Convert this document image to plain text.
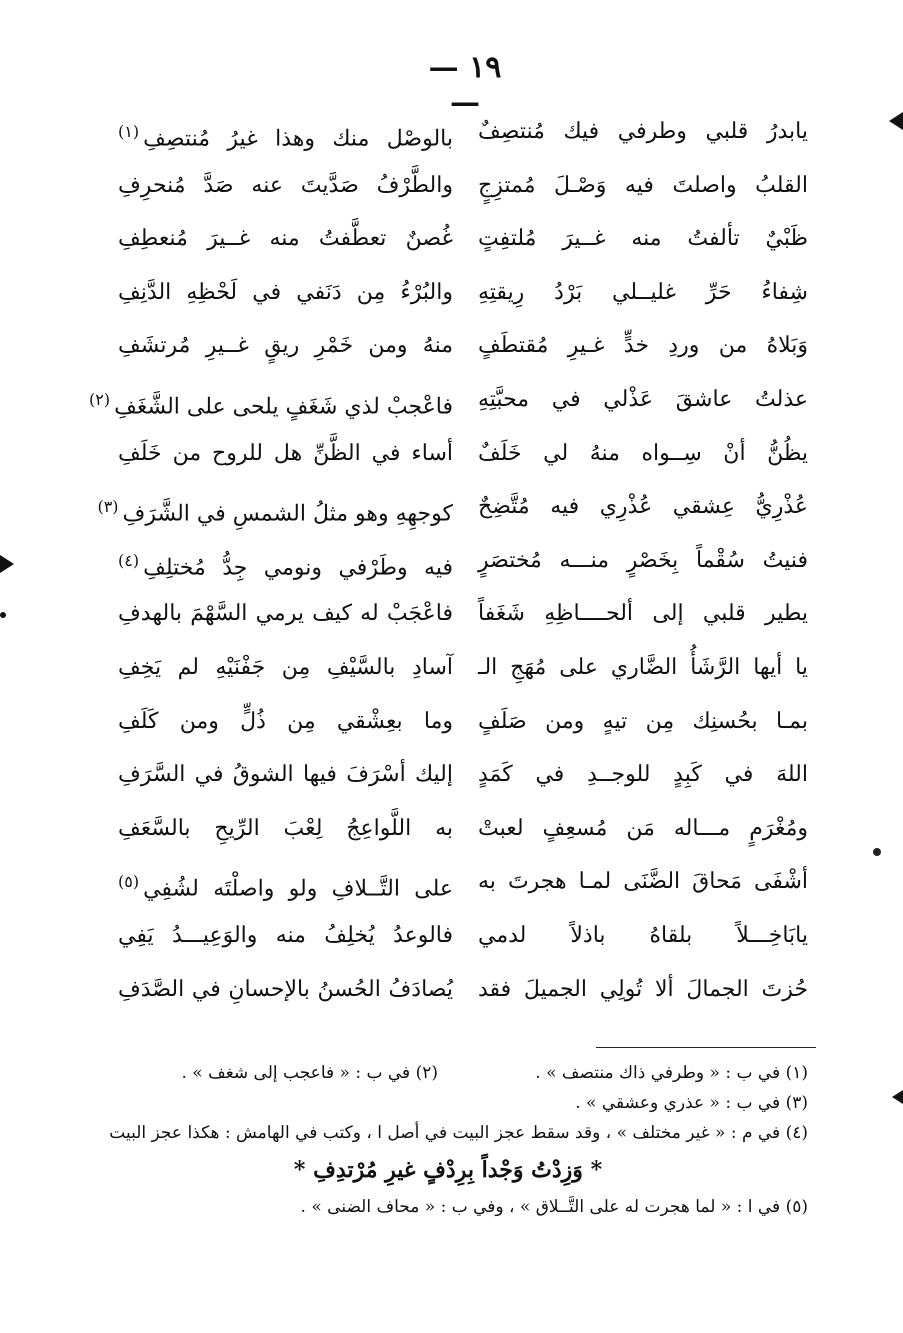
— ١٩ —
يابدرُ قلبي وطرفي فيك مُنتصِفٌ
بالوصْل منك وهذا غيرُ مُنتصِفِ$^{(١)}$
القلبُ واصلتَ فيه وَصْـلَ مُمتزِجٍ
والطَّرْفُ صَدَّيتَ عنه صَدَّ مُنحرِفِ
ظَبْيٌ تألفتُ منه غــيرَ مُلتفِتٍ
غُصنٌ تعطَّفتُ منه غــيرَ مُنعطِفِ
شِفاءُ حَرِّ غليــلي بَرْدُ رِيقتِهِ
والبُرْءُ مِن دَنَفي في لَحْظِهِ الدَّنِفِ
وَبَلاهُ من وردِ خدٍّ غـيرِ مُقتطَفٍ
منهُ ومن خَمْرِ ريقٍ غــيرِ مُرتشَفِ
عذلتُ عاشقَ عَذْلي في محبَّتِهِ
فاعْجبْ لذي شَغَفٍ يلحى على الشَّغَفِ$^{(٢)}$
يظُنُّ أنْ سِــواه منهُ لي خَلَفٌ
أساء في الظَّنِّ هل للروح من خَلَفِ
عُذْرِيُّ عِشقي عُذْرِي فيه مُتَّضِحٌ
كوجهِهِ وهو مثلُ الشمسِ في الشَّرَفِ$^{(٣)}$
فنيتُ سُقْماً بِخَصْرٍ منـــه مُختصَرٍ
فيه وطَرْفي ونومي جِدُّ مُختلِفِ$^{(٤)}$
يطير قلبي إلى ألحــــاظِهِ شَغَفاً
فاعْجَبْ له كيف يرمي السَّهْمَ بالهدفِ
يا أيها الرَّشَأُ الضَّاري على مُهَجِ الـ
آسادِ بالسَّيْفِ مِن جَفْنَيْهِ لم يَخِفِ
بمـا بحُسنِك مِن تيهٍ ومن صَلَفٍ
وما بعِشْقي مِن ذُلٍّ ومن كَلَفِ
اللهَ في كَبِدٍ للوجــدِ في كَمَدٍ
إليك أسْرَفَ فيها الشوقُ في السَّرَفِ
ومُغْرَمٍ مـــاله مَن مُسعِفٍ لعبتْ
به اللَّواعِجُ لِعْبَ الرِّيحِ بالسَّعَفِ
أشْفَى مَحاقَ الضَّنَى لمـا هجرتَ به
على التَّــلافِ ولو واصلْتَه لشُفِي$^{(٥)}$
يابَاخِـــلاً بلقاهُ باذلاً لدمي
فالوعدُ يُخلِفُ منه والوَعِيـــدُ يَفِي
حُزتَ الجمالَ ألا تُولِي الجميلَ فقد
يُصادَفُ الحُسنُ بالإحسانِ في الصَّدَفِ
(١) في ب : « وطرفي ذاك منتصف » .
(٢) في ب : « فاعجب إلى شغف » .
(٣) في ب : « عذري وعشقي » .
(٤) في م : « غير مختلف » ، وقد سقط عجز البيت في أصل ا ، وكتب في الهامش : هكذا عجز البيت
* وَزِدْتُ وَجْداً بِرِدْفٍ غيرِ مُرْتدِفِ *
(٥) في ا : « لما هجرت له على التَّــلاق » ، وفي ب : « محاف الضنى » .
